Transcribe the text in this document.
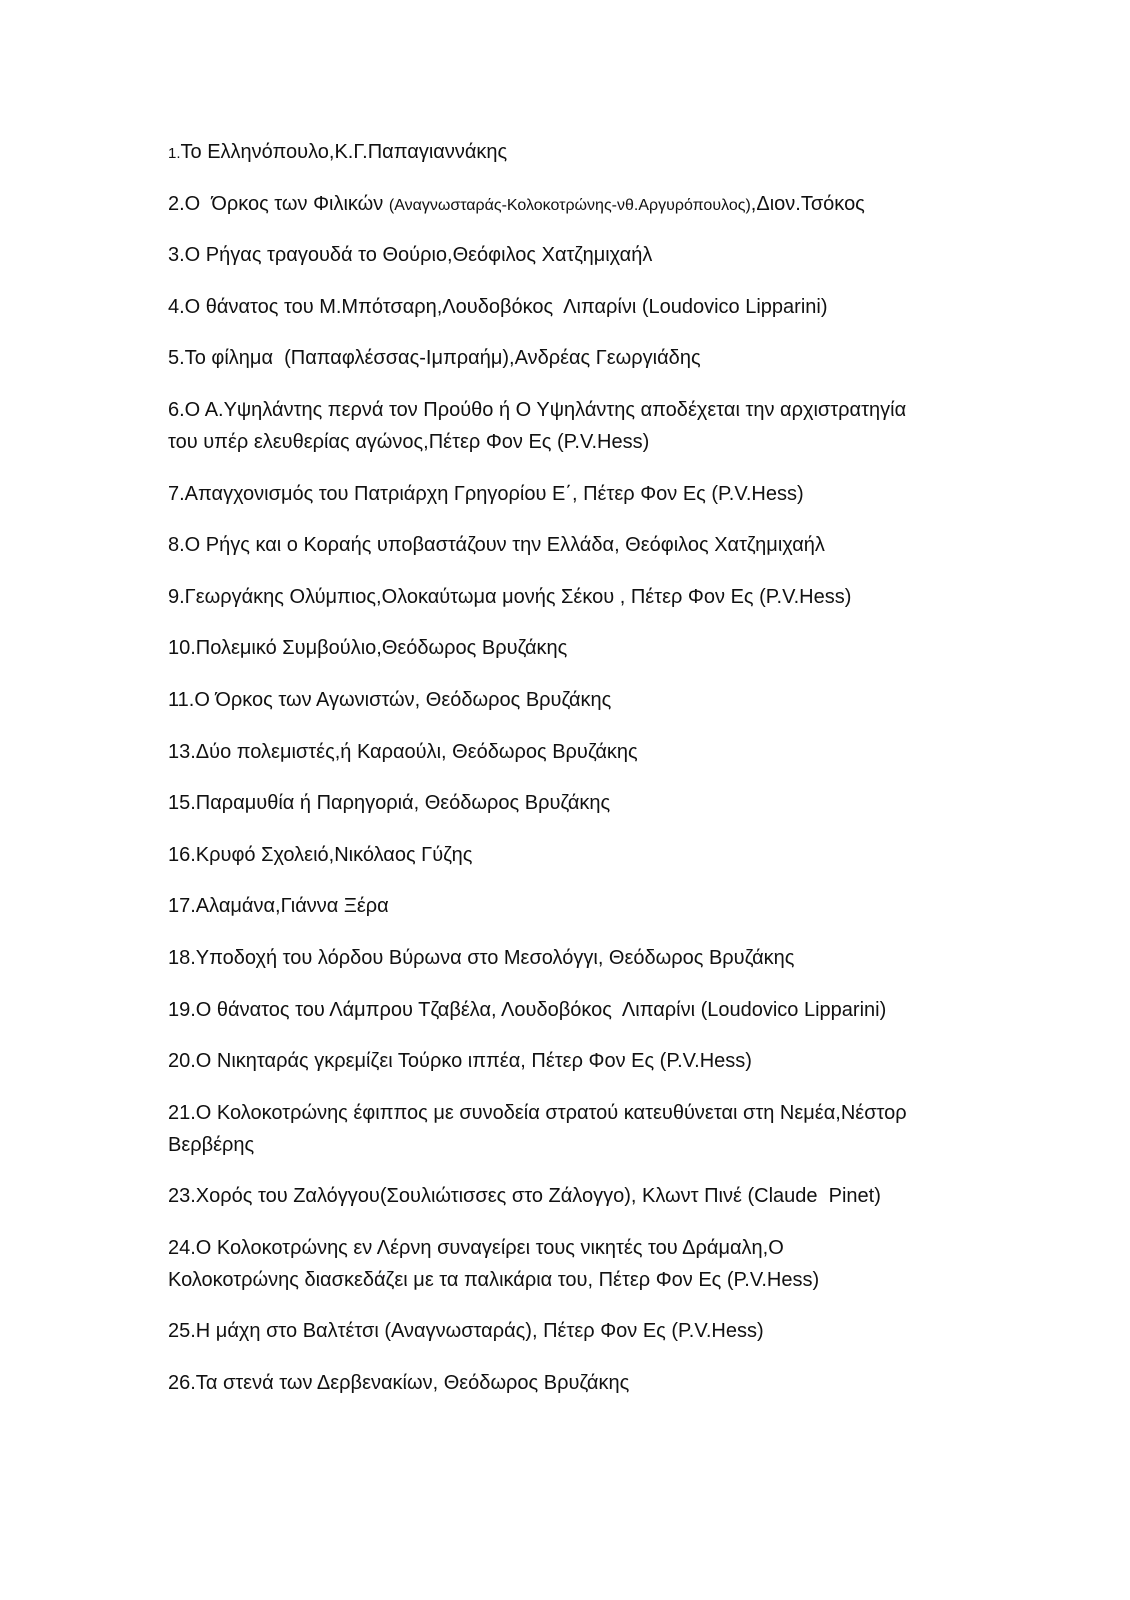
1.Το Ελληνόπουλο,Κ.Γ.Παπαγιαννάκης
2.Ο  Όρκος των Φιλικών (Αναγνωσταράς-Κολοκοτρώνης-νθ.Αργυρόπουλος),Διον.Τσόκος
3.Ο Ρήγας τραγουδά το Θούριο,Θεόφιλος Χατζημιχαήλ
4.Ο θάνατος του Μ.Μπότσαρη,Λουδοβόκος  Λιπαρίνι (Loudovico Lipparini)
5.Το φίλημα  (Παπαφλέσσας-Ιμπραήμ),Ανδρέας Γεωργιάδης
6.Ο Α.Υψηλάντης περνά τον Προύθο ή Ο Υψηλάντης αποδέχεται την αρχιστρατηγία
του υπέρ ελευθερίας αγώνος,Πέτερ Φον Ες (P.V.Hess)
7.Απαγχονισμός του Πατριάρχη Γρηγορίου Ε΄, Πέτερ Φον Ες (P.V.Hess)
8.Ο Ρήγς και ο Κοραής υποβαστάζουν την Ελλάδα, Θεόφιλος Χατζημιχαήλ
9.Γεωργάκης Ολύμπιος,Ολοκαύτωμα μονής Σέκου , Πέτερ Φον Ες (P.V.Hess)
10.Πολεμικό Συμβούλιο,Θεόδωρος Βρυζάκης
11.Ο Όρκος των Αγωνιστών, Θεόδωρος Βρυζάκης
13.Δύο πολεμιστές,ή Καραούλι, Θεόδωρος Βρυζάκης
15.Παραμυθία ή Παρηγοριά, Θεόδωρος Βρυζάκης
16.Κρυφό Σχολειό,Νικόλαος Γύζης
17.Αλαμάνα,Γιάννα Ξέρα
18.Υποδοχή του λόρδου Βύρωνα στο Μεσολόγγι, Θεόδωρος Βρυζάκης
19.Ο θάνατος του Λάμπρου Τζαβέλα, Λουδοβόκος  Λιπαρίνι (Loudovico Lipparini)
20.Ο Νικηταράς γκρεμίζει Τούρκο ιππέα, Πέτερ Φον Ες (P.V.Hess)
21.Ο Κολοκοτρώνης έφιππος με συνοδεία στρατού κατευθύνεται στη Νεμέα,Νέστορ
Βερβέρης
23.Χορός του Ζαλόγγου(Σουλιώτισσες στο Ζάλογγο), Κλωντ Πινέ (Claude  Pinet)
24.Ο Κολοκοτρώνης εν Λέρνη συναγείρει τους νικητές του Δράμαλη,Ο
Κολοκοτρώνης διασκεδάζει με τα παλικάρια του, Πέτερ Φον Ες (P.V.Hess)
25.Η μάχη στο Βαλτέτσι (Αναγνωσταράς), Πέτερ Φον Ες (P.V.Hess)
26.Τα στενά των Δερβενακίων, Θεόδωρος Βρυζάκης
